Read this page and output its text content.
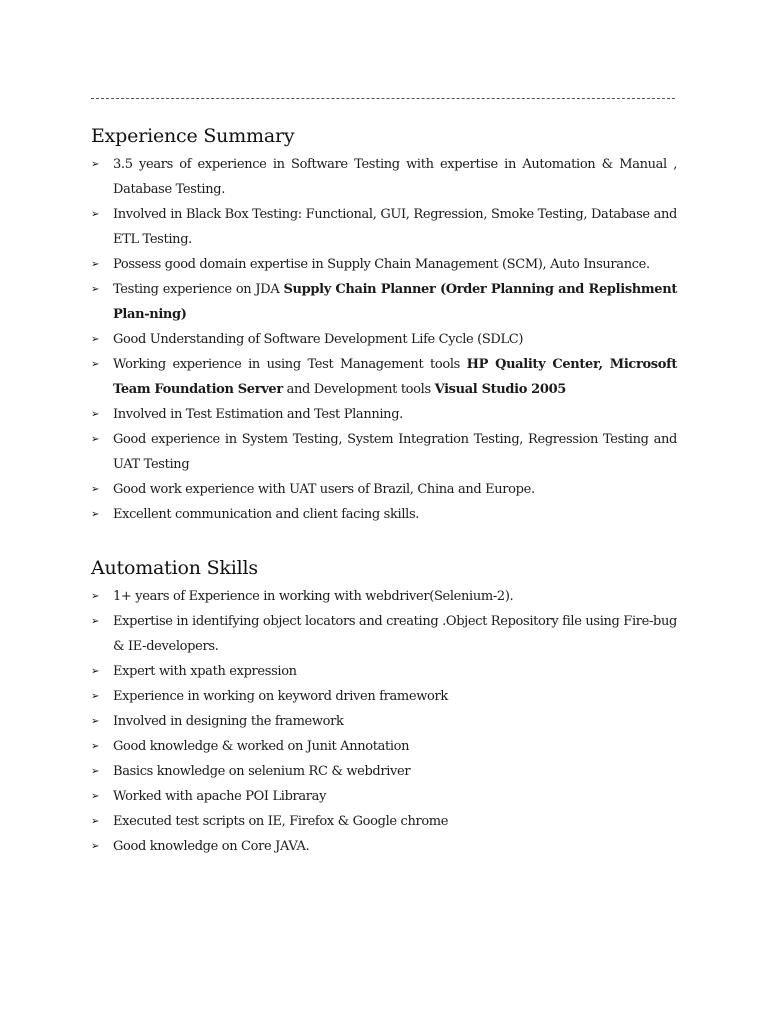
Experience Summary
➢ 3.5 years of experience in Software Testing with expertise in Automation & Manual , Database Testing.
➢ Involved in Black Box Testing: Functional, GUI, Regression, Smoke Testing, Database and ETL Testing.
➢ Possess good domain expertise in Supply Chain Management (SCM), Auto Insurance.
➢ Testing experience on JDA Supply Chain Planner (Order Planning and Replishment Plan-ning)
➢ Good Understanding of Software Development Life Cycle (SDLC)
➢ Working experience in using Test Management tools HP Quality Center, Microsoft Team Foundation Server and Development tools Visual Studio 2005
➢ Involved in Test Estimation and Test Planning.
➢ Good experience in System Testing, System Integration Testing, Regression Testing and UAT Testing
➢ Good work experience with UAT users of Brazil, China and Europe.
➢ Excellent communication and client facing skills.
Automation Skills
➢ 1+ years of Experience in working with webdriver(Selenium-2).
➢ Expertise in identifying object locators and creating .Object Repository file using Fire-bug & IE-developers.
➢ Expert with xpath expression
➢ Experience in working on keyword driven framework
➢ Involved in designing the framework
➢ Good knowledge & worked on Junit Annotation
➢ Basics knowledge on selenium RC & webdriver
➢ Worked with apache POI Libraray
➢ Executed test scripts on IE, Firefox & Google chrome
➢ Good knowledge on Core JAVA.
